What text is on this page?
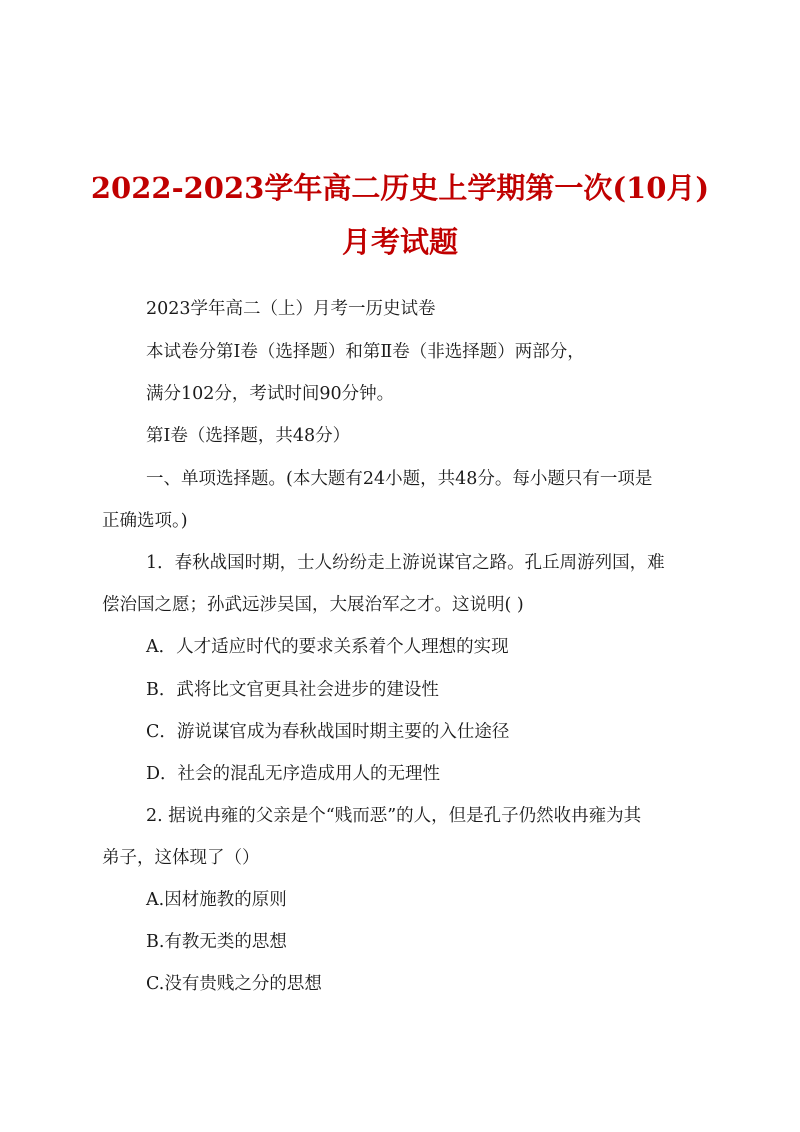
2022-2023学年高二历史上学期第一次(10月)
月考试题
2023学年高二（上）月考一历史试卷
本试卷分第Ⅰ卷（选择题）和第Ⅱ卷（非选择题）两部分，
满分102分，考试时间90分钟。
第Ⅰ卷（选择题，共48分）
一、单项选择题。(本大题有24小题，共48分。每小题只有一项是
正确选项。)
1．春秋战国时期，士人纷纷走上游说谋官之路。孔丘周游列国，难
偿治国之愿；孙武远涉吴国，大展治军之才。这说明( )
A．人才适应时代的要求关系着个人理想的实现
B．武将比文官更具社会进步的建设性
C．游说谋官成为春秋战国时期主要的入仕途径
D．社会的混乱无序造成用人的无理性
2. 据说冉雍的父亲是个“贱而恶”的人，但是孔子仍然收冉雍为其
弟子，这体现了（）
A.因材施教的原则
B.有教无类的思想
C.没有贵贱之分的思想
